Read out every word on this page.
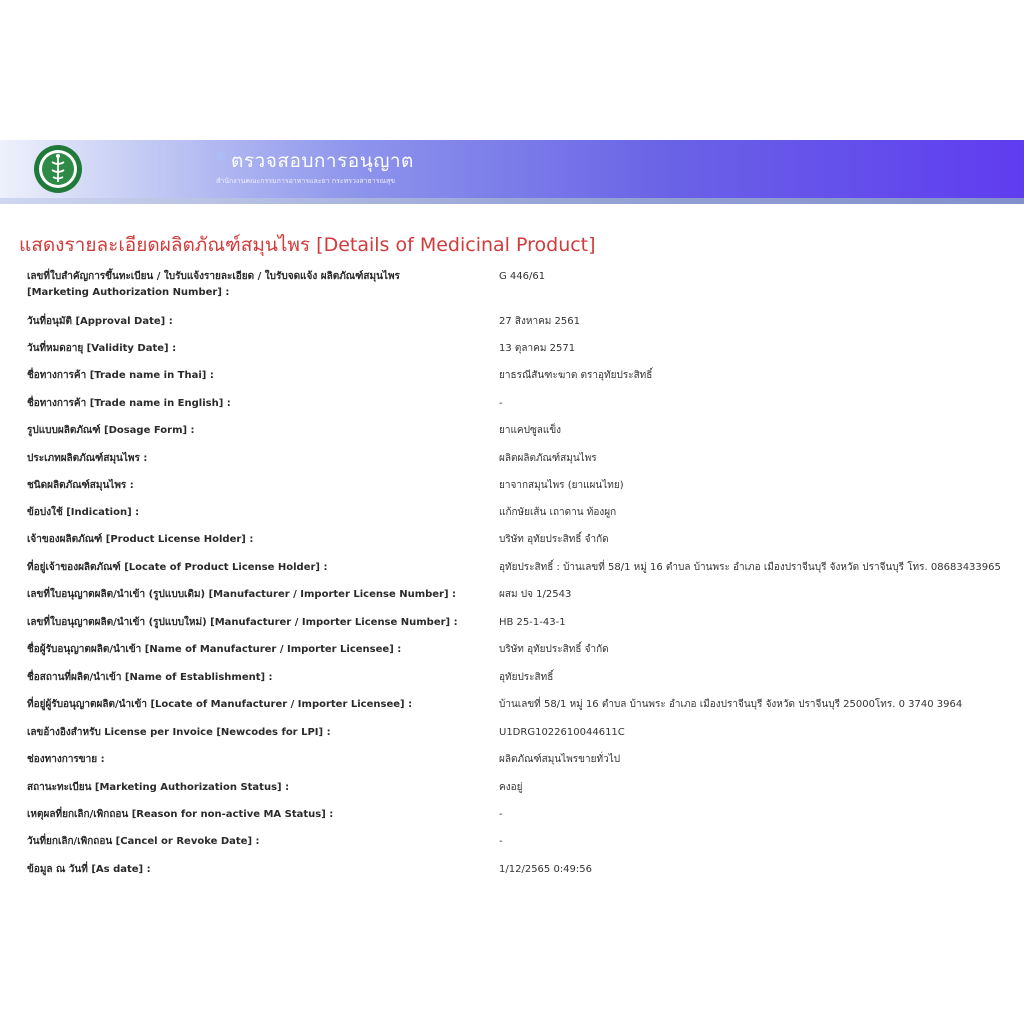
ตรวจสอบการอนุญาต
สำนักงานคณะกรรมการอาหารและยา กระทรวงสาธารณสุข
แสดงรายละเอียดผลิตภัณฑ์สมุนไพร [Details of Medicinal Product]
เลขที่ใบสำคัญการขึ้นทะเบียน / ใบรับแจ้งรายละเอียด / ใบรับจดแจ้ง ผลิตภัณฑ์สมุนไพร
[Marketing Authorization Number] :
G 446/61
วันที่อนุมัติ [Approval Date] :	27 สิงหาคม 2561
วันที่หมดอายุ [Validity Date] :	13 ตุลาคม 2571
ชื่อทางการค้า [Trade name in Thai] :	ยาธรณีสันฑะฆาต ตราอุทัยประสิทธิ์
ชื่อทางการค้า [Trade name in English] :	-
รูปแบบผลิตภัณฑ์ [Dosage Form] :	ยาแคปซูลแข็ง
ประเภทผลิตภัณฑ์สมุนไพร :	ผลิตผลิตภัณฑ์สมุนไพร
ชนิดผลิตภัณฑ์สมุนไพร :	ยาจากสมุนไพร (ยาแผนไทย)
ข้อบ่งใช้ [Indication] :	แก้กษัยเส้น เถาดาน ท้องผูก
เจ้าของผลิตภัณฑ์ [Product License Holder] :	บริษัท อุทัยประสิทธิ์ จำกัด
ที่อยู่เจ้าของผลิตภัณฑ์ [Locate of Product License Holder] :	อุทัยประสิทธิ์ : บ้านเลขที่ 58/1 หมู่ 16 ตำบล บ้านพระ อำเภอ เมืองปราจีนบุรี จังหวัด ปราจีนบุรี โทร. 08683433965
เลขที่ใบอนุญาตผลิต/นำเข้า (รูปแบบเดิม) [Manufacturer / Importer License Number] :	ผสม ปจ 1/2543
เลขที่ใบอนุญาตผลิต/นำเข้า (รูปแบบใหม่) [Manufacturer / Importer License Number] :	HB 25-1-43-1
ชื่อผู้รับอนุญาตผลิต/นำเข้า [Name of Manufacturer / Importer Licensee] :	บริษัท อุทัยประสิทธิ์ จำกัด
ชื่อสถานที่ผลิต/นำเข้า [Name of Establishment] :	อุทัยประสิทธิ์
ที่อยู่ผู้รับอนุญาตผลิต/นำเข้า [Locate of Manufacturer / Importer Licensee] :	บ้านเลขที่ 58/1 หมู่ 16 ตำบล บ้านพระ อำเภอ เมืองปราจีนบุรี จังหวัด ปราจีนบุรี 25000โทร. 0 3740 3964
เลขอ้างอิงสำหรับ License per Invoice [Newcodes for LPI] :	U1DRG1022610044611C
ช่องทางการขาย :	ผลิตภัณฑ์สมุนไพรขายทั่วไป
สถานะทะเบียน [Marketing Authorization Status] :	คงอยู่
เหตุผลที่ยกเลิก/เพิกถอน [Reason for non-active MA Status] :	-
วันที่ยกเลิก/เพิกถอน [Cancel or Revoke Date] :	-
ข้อมูล ณ วันที่ [As date] :	1/12/2565 0:49:56
